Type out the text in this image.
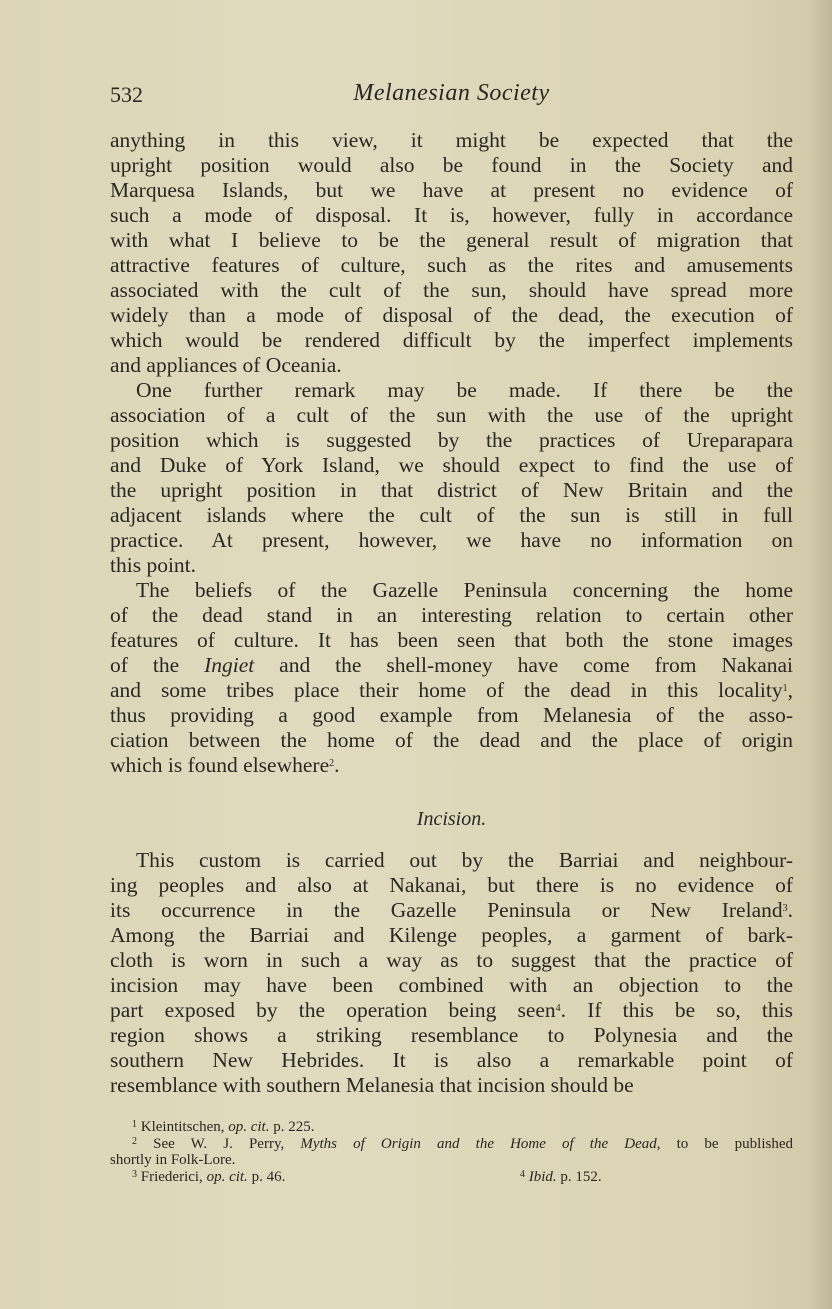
532	Melanesian Society
anything in this view, it might be expected that the
upright position would also be found in the Society and
Marquesa Islands, but we have at present no evidence of
such a mode of disposal. It is, however, fully in accordance
with what I believe to be the general result of migration that
attractive features of culture, such as the rites and amusements
associated with the cult of the sun, should have spread more
widely than a mode of disposal of the dead, the execution of
which would be rendered difficult by the imperfect implements
and appliances of Oceania.
One further remark may be made. If there be the
association of a cult of the sun with the use of the upright
position which is suggested by the practices of Ureparapara
and Duke of York Island, we should expect to find the use of
the upright position in that district of New Britain and the
adjacent islands where the cult of the sun is still in full
practice. At present, however, we have no information on
this point.
The beliefs of the Gazelle Peninsula concerning the home
of the dead stand in an interesting relation to certain other
features of culture. It has been seen that both the stone images
of the Ingiet and the shell-money have come from Nakanai
and some tribes place their home of the dead in this locality$^1$,
thus providing a good example from Melanesia of the asso-
ciation between the home of the dead and the place of origin
which is found elsewhere$^2$.
Incision.
This custom is carried out by the Barriai and neighbour-
ing peoples and also at Nakanai, but there is no evidence of
its occurrence in the Gazelle Peninsula or New Ireland$^3$.
Among the Barriai and Kilenge peoples, a garment of bark-
cloth is worn in such a way as to suggest that the practice of
incision may have been combined with an objection to the
part exposed by the operation being seen$^4$. If this be so, this
region shows a striking resemblance to Polynesia and the
southern New Hebrides. It is also a remarkable point of
resemblance with southern Melanesia that incision should be
$^1$ Kleintitschen, op. cit. p. 225.
$^2$ See W. J. Perry, Myths of Origin and the Home of the Dead, to be published
shortly in Folk-Lore.
$^3$ Friederici, op. cit. p. 46.	$^4$ Ibid. p. 152.
